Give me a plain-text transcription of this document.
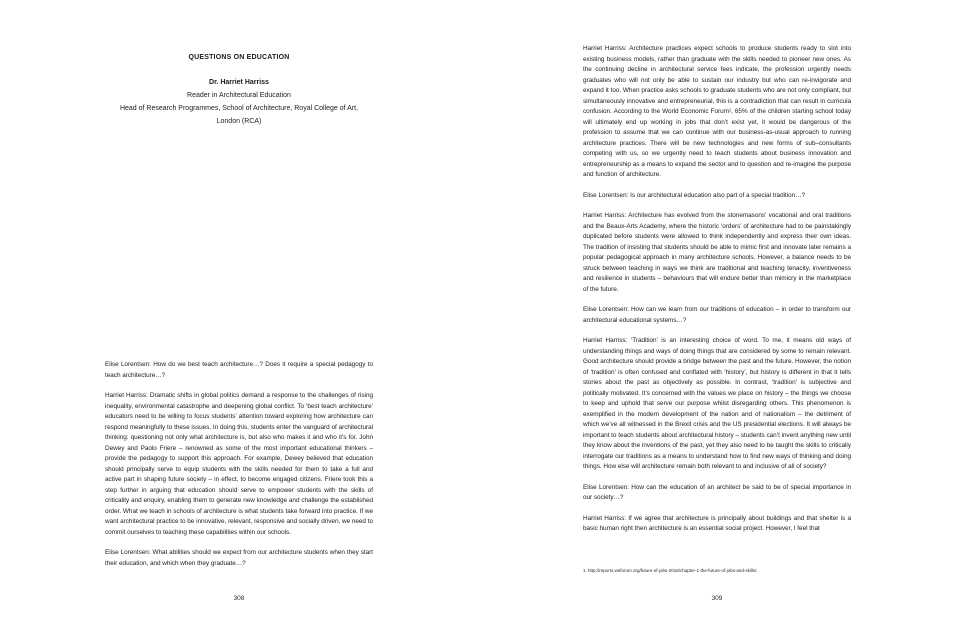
QUESTIONS ON EDUCATION
Dr. Harriet Harriss
Reader in Architectural Education
Head of Research Programmes, School of Architecture, Royal College of Art,
London (RCA)

Elise Lorentsen: How do we best teach architecture…? Does it require a special pedagogy to teach architecture…?

Harriet Harriss: Dramatic shifts in global politics demand a response to the challenges of rising inequality, environmental catastrophe and deepening global conflict. To ‘best teach architecture’ educators need to be willing to focus students’ attention toward exploring how architecture can respond meaningfully to these issues. In doing this, students enter the vanguard of architectural thinking: questioning not only what architecture is, but also who makes it and who it’s for. John Dewey and Paolo Friere – renowned as some of the most important educational thinkers – provide the pedagogy to support this approach. For example, Dewey believed that education should principally serve to equip students with the skills needed for them to take a full and active part in shaping future society – in effect, to become engaged citizens. Friere took this a step further in arguing that education should serve to empower students with the skills of criticality and enquiry, enabling them to generate new knowledge and challenge the established order. What we teach in schools of architecture is what students take forward into practice. If we want architectural practice to be innovative, relevant, responsive and socially driven, we need to commit ourselves to teaching these capabilities within our schools.

Elise Lorentsen: What abilities should we expect from our architecture students when they start their education, and which when they graduate…?

308

Harriet Harriss: Architecture practices expect schools to produce students ready to slot into existing business models, rather than graduate with the skills needed to pioneer new ones. As the continuing decline in architectural service fees indicate, the profession urgently needs graduates who will not only be able to sustain our industry but who can re-invigorate and expand it too. When practice asks schools to graduate students who are not only compliant, but simultaneously innovative and entrepreneurial, this is a contradiction that can result in curricula confusion. According to the World Economic Forum¹, 65% of the children starting school today will ultimately end up working in jobs that don’t exist yet, it would be dangerous of the profession to assume that we can continue with our business-as-usual approach to running architecture practices. There will be new technologies and new forms of sub–consultants competing with us, so we urgently need to teach students about business innovation and entrepreneurship as a means to expand the sector and to question and re-imagine the purpose and function of architecture.

Elise Lorentsen: Is our architectural education also part of a special tradition…?

Harriet Harriss: Architecture has evolved from the stonemasons’ vocational and oral traditions and the Beaux-Arts Academy, where the historic ‘orders’ of architecture had to be painstakingly duplicated before students were allowed to think independently and express their own ideas. The tradition of insisting that students should be able to mimic first and innovate later remains a popular pedagogical approach in many architecture schools. However, a balance needs to be struck between teaching in ways we think are traditional and teaching tenacity, inventiveness and resilience in students – behaviours that will endure better than mimicry in the marketplace of the future.

Elise Lorentsen: How can we learn from our traditions of education – in order to transform our architectural educational systems…?

Harriet Harriss: ‘Tradition’ is an interesting choice of word. To me, it means old ways of understanding things and ways of doing things that are considered by some to remain relevant. Good architecture should provide a bridge between the past and the future. However, the notion of ‘tradition’ is often confused and conflated with ‘history’, but history is different in that it tells stories about the past as objectively as possible. In contrast, ‘tradition’ is subjective and politically motivated. It’s concerned with the values we place on history – the things we choose to keep and uphold that serve our purpose whilst disregarding others. This phenomenon is exemplified in the modern development of the nation and of nationalism – the detriment of which we’ve all witnessed in the Brexit crisis and the US presidential elections. It will always be important to teach students about architectural history – students can’t invent anything new until they know about the inventions of the past, yet they also need to be taught the skills to critically interrogate our traditions as a means to understand how to find new ways of thinking and doing things. How else will architecture remain both relevant to and inclusive of all of society?

Elise Lorentsen: How can the education of an architect be said to be of special importance in our society…?

Harriet Harriss: If we agree that architecture is principally about buildings and that shelter is a basic human right then architecture is an essential social project. However, I feel that

1. http://reports.weforum.org/future-of-jobs-2016/chapter-1-the-future-of-jobs-and-skills/.
309
